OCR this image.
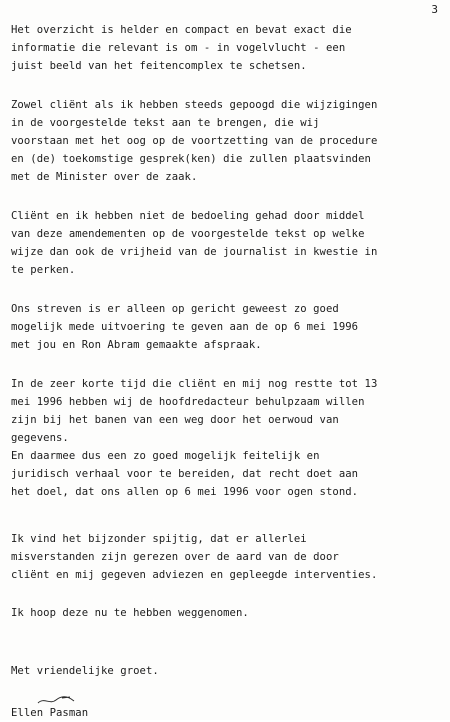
3
Het overzicht is helder en compact en bevat exact die
informatie die relevant is om - in vogelvlucht - een
juist beeld van het feitencomplex te schetsen.
Zowel cliënt als ik hebben steeds gepoogd die wijzigingen
in de voorgestelde tekst aan te brengen, die wij
voorstaan met het oog op de voortzetting van de procedure
en (de) toekomstige gesprek(ken) die zullen plaatsvinden
met de Minister over de zaak.
Cliënt en ik hebben niet de bedoeling gehad door middel
van deze amendementen op de voorgestelde tekst op welke
wijze dan ook de vrijheid van de journalist in kwestie in
te perken.
Ons streven is er alleen op gericht geweest zo goed
mogelijk mede uitvoering te geven aan de op 6 mei 1996
met jou en Ron Abram gemaakte afspraak.
In de zeer korte tijd die cliënt en mij nog restte tot 13
mei 1996 hebben wij de hoofdredacteur behulpzaam willen
zijn bij het banen van een weg door het oerwoud van
gegevens.
En daarmee dus een zo goed mogelijk feitelijk en
juridisch verhaal voor te bereiden, dat recht doet aan
het doel, dat ons allen op 6 mei 1996 voor ogen stond.
Ik vind het bijzonder spijtig, dat er allerlei
misverstanden zijn gerezen over de aard van de door
cliënt en mij gegeven adviezen en gepleegde interventies.
Ik hoop deze nu te hebben weggenomen.
Met vriendelijke groet.
Ellen Pasman
